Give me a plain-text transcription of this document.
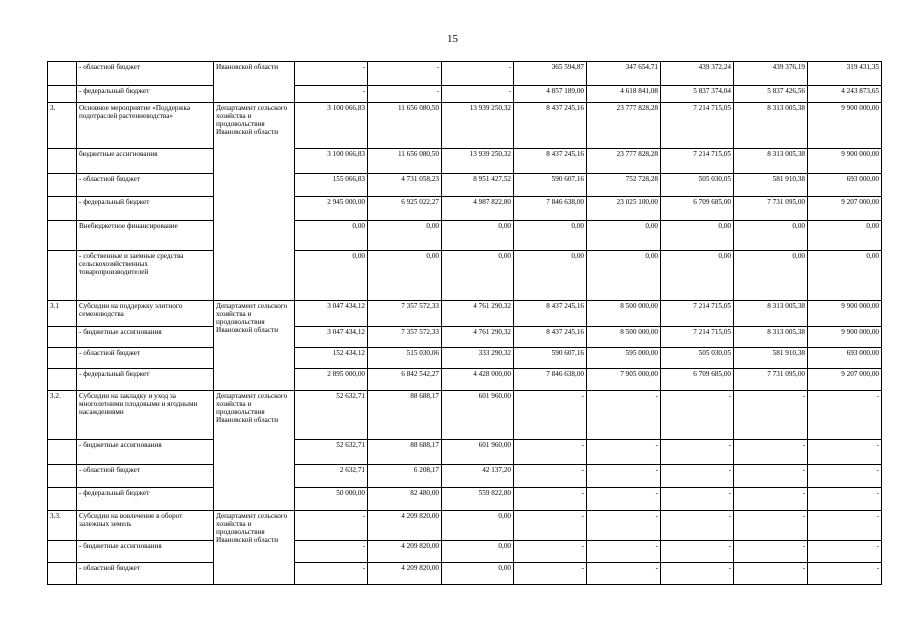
15
	- областной бюджет	Ивановской области	-	-	-	365 594,87	347 654,71	439 372,24	439 376,19	319 431,35
	- федеральный бюджет		-	-	-	4 857 189,00	4 618 841,08	5 837 374,04	5 837 426,56	4 243 873,65
3.	Основное мероприятие «Поддержка подотраслей растениеводства»	Департамент сельского хозяйства и продовольствия Ивановской области	3 100 066,83	11 656 080,50	13 939 250,32	8 437 245,16	23 777 828,28	7 214 715,05	8 313 005,38	9 900 000,00
	бюджетные ассигнования		3 100 066,83	11 656 080,50	13 939 250,32	8 437 245,16	23 777 828,28	7 214 715,05	8 313 005,38	9 900 000,00
	- областной бюджет		155 066,83	4 731 058,23	8 951 427,52	590 607,16	752 728,28	505 030,05	581 910,38	693 000,00
	- федеральный бюджет		2 945 000,00	6 925 022,27	4 987 822,80	7 846 638,00	23 025 100,00	6 709 685,00	7 731 095,00	9 207 000,00
	Внебюджетное финансирование		0,00	0,00	0,00	0,00	0,00	0,00	0,00	0,00
	- собственные и заемные средства сельскохозяйственных товаропроизводителей		0,00	0,00	0,00	0,00	0,00	0,00	0,00	0,00
3.1	Субсидии на поддержку элитного семеноводства	Департамент сельского хозяйства и продовольствия Ивановской области	3 047 434,12	7 357 572,33	4 761 290,32	8 437 245,16	8 500 000,00	7 214 715,05	8 313 005,38	9 900 000,00
	- бюджетные ассигнования		3 047 434,12	7 357 572,33	4 761 290,32	8 437 245,16	8 500 000,00	7 214 715,05	8 313 005,38	9 900 000,00
	- областной бюджет		152 434,12	515 030,06	333 290,32	590 607,16	595 000,00	505 030,05	581 910,38	693 000,00
	- федеральный бюджет		2 895 000,00	6 842 542,27	4 428 000,00	7 846 638,00	7 905 000,00	6 709 685,00	7 731 095,00	9 207 000,00
3.2.	Субсидии на закладку и уход за многолетними плодовыми и ягодными насаждениями	Департамент сельского хозяйства и продовольствия Ивановской области	52 632,71	88 688,17	601 960,00	-	-	-	-	-
	- бюджетные ассигнования		52 632,71	88 688,17	601 960,00	-	-	-	-	-
	- областной бюджет		2 632,71	6 208,17	42 137,20	-	-	-	-	-
	- федеральный бюджет		50 000,00	82 480,00	559 822,80	-	-	-	-	-
3.3.	Субсидии на вовлечение в оборот залежных земель	Департамент сельского хозяйства и продовольствия Ивановской области	-	4 209 820,00	0,00	-	-	-	-	-
	- бюджетные ассигнования		-	4 209 820,00	0,00	-	-	-	-	-
	- областной бюджет		-	4 209 820,00	0,00	-	-	-	-	-
